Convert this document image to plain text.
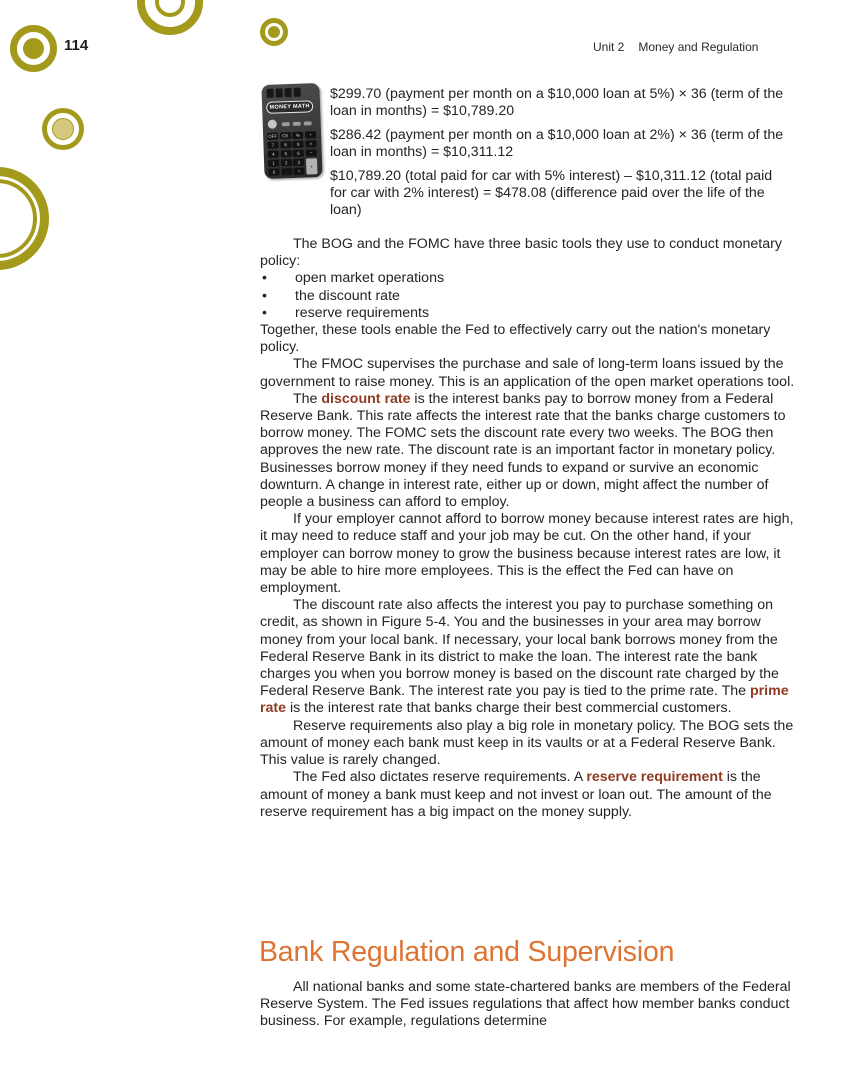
114	Unit 2 Money and Regulation
MONEY MATH
OFF	CE	%	÷
7	8	9	×
4	5	6	−
+
1	2	3
0	.	=
$299.70 (payment per month on a $10,000 loan at 5%) × 36 (term of the loan in months) = $10,789.20
$286.42 (payment per month on a $10,000 loan at 2%) × 36 (term of the loan in months) = $10,311.12
$10,789.20 (total paid for car with 5% interest) – $10,311.12 (total paid for car with 2% interest) = $478.08 (difference paid over the life of the loan)
The BOG and the FOMC have three basic tools they use to conduct monetary policy:
•	open market operations
•	the discount rate
•	reserve requirements
Together, these tools enable the Fed to effectively carry out the nation's monetary policy.
The FMOC supervises the purchase and sale of long-term loans issued by the government to raise money. This is an application of the open market operations tool.
The discount rate is the interest banks pay to borrow money from a Federal Reserve Bank. This rate affects the interest rate that the banks charge customers to borrow money. The FOMC sets the discount rate every two weeks. The BOG then approves the new rate. The discount rate is an important factor in monetary policy. Businesses borrow money if they need funds to expand or survive an economic downturn. A change in interest rate, either up or down, might affect the number of people a business can afford to employ.
If your employer cannot afford to borrow money because interest rates are high, it may need to reduce staff and your job may be cut. On the other hand, if your employer can borrow money to grow the business because interest rates are low, it may be able to hire more employees. This is the effect the Fed can have on employment.
The discount rate also affects the interest you pay to purchase something on credit, as shown in Figure 5-4. You and the businesses in your area may borrow money from your local bank. If necessary, your local bank borrows money from the Federal Reserve Bank in its district to make the loan. The interest rate the bank charges you when you borrow money is based on the discount rate charged by the Federal Reserve Bank. The interest rate you pay is tied to the prime rate. The prime rate is the interest rate that banks charge their best commercial customers.
Reserve requirements also play a big role in monetary policy. The BOG sets the amount of money each bank must keep in its vaults or at a Federal Reserve Bank. This value is rarely changed.
The Fed also dictates reserve requirements. A reserve requirement is the amount of money a bank must keep and not invest or loan out. The amount of the reserve requirement has a big impact on the money supply.
Bank Regulation and Supervision
All national banks and some state-chartered banks are members of the Federal Reserve System. The Fed issues regulations that affect how member banks conduct business. For example, regulations determine
